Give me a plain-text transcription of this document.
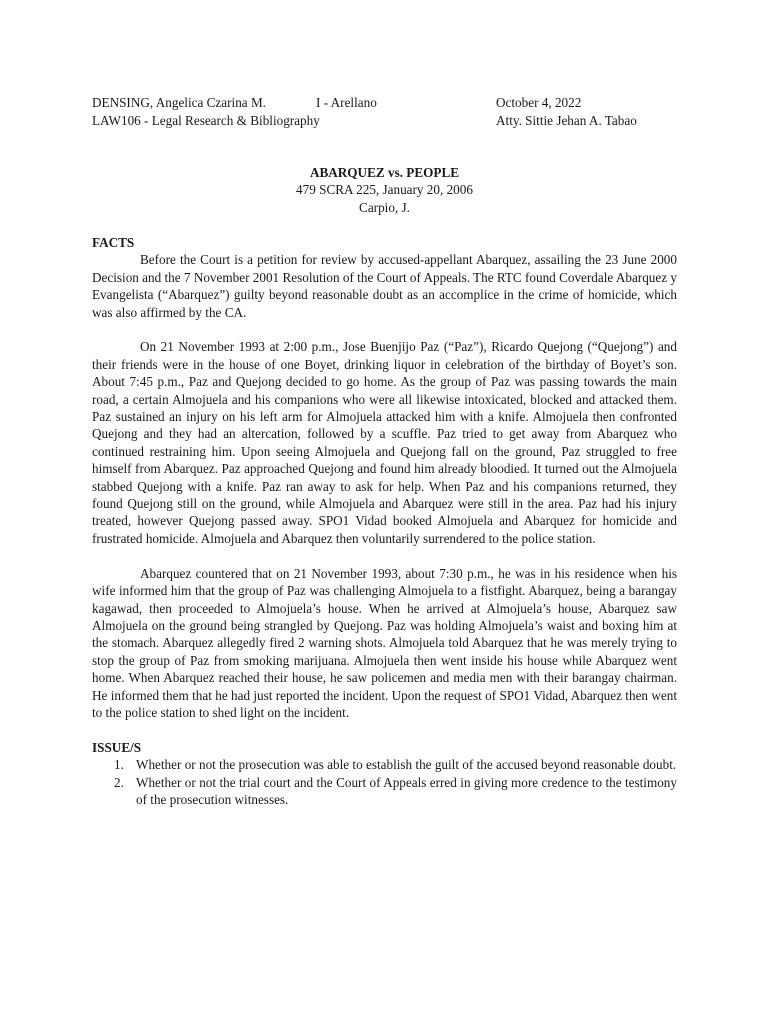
DENSING, Angelica Czarina M.	I - Arellano	October 4, 2022
LAW106 - Legal Research & Bibliography	Atty. Sittie Jehan A. Tabao
ABARQUEZ vs. PEOPLE
479 SCRA 225, January 20, 2006
Carpio, J.
FACTS

Before the Court is a petition for review by accused-appellant Abarquez, assailing the 23 June 2000 Decision and the 7 November 2001 Resolution of the Court of Appeals. The RTC found Coverdale Abarquez y Evangelista (“Abarquez”) guilty beyond reasonable doubt as an accomplice in the crime of homicide, which was also affirmed by the CA.

On 21 November 1993 at 2:00 p.m., Jose Buenjijo Paz (“Paz”), Ricardo Quejong (“Quejong”) and their friends were in the house of one Boyet, drinking liquor in celebration of the birthday of Boyet’s son. About 7:45 p.m., Paz and Quejong decided to go home. As the group of Paz was passing towards the main road, a certain Almojuela and his companions who were all likewise intoxicated, blocked and attacked them. Paz sustained an injury on his left arm for Almojuela attacked him with a knife. Almojuela then confronted Quejong and they had an altercation, followed by a scuffle. Paz tried to get away from Abarquez who continued restraining him. Upon seeing Almojuela and Quejong fall on the ground, Paz struggled to free himself from Abarquez. Paz approached Quejong and found him already bloodied. It turned out the Almojuela stabbed Quejong with a knife. Paz ran away to ask for help. When Paz and his companions returned, they found Quejong still on the ground, while Almojuela and Abarquez were still in the area. Paz had his injury treated, however Quejong passed away. SPO1 Vidad booked Almojuela and Abarquez for homicide and frustrated homicide. Almojuela and Abarquez then voluntarily surrendered to the police station.

Abarquez countered that on 21 November 1993, about 7:30 p.m., he was in his residence when his wife informed him that the group of Paz was challenging Almojuela to a fistfight. Abarquez, being a barangay kagawad, then proceeded to Almojuela’s house. When he arrived at Almojuela’s house, Abarquez saw Almojuela on the ground being strangled by Quejong. Paz was holding Almojuela’s waist and boxing him at the stomach. Abarquez allegedly fired 2 warning shots. Almojuela told Abarquez that he was merely trying to stop the group of Paz from smoking marijuana. Almojuela then went inside his house while Abarquez went home. When Abarquez reached their house, he saw policemen and media men with their barangay chairman. He informed them that he had just reported the incident. Upon the request of SPO1 Vidad, Abarquez then went to the police station to shed light on the incident.

ISSUE/S
1. Whether or not the prosecution was able to establish the guilt of the accused beyond reasonable doubt.
2. Whether or not the trial court and the Court of Appeals erred in giving more credence to the testimony of the prosecution witnesses.
